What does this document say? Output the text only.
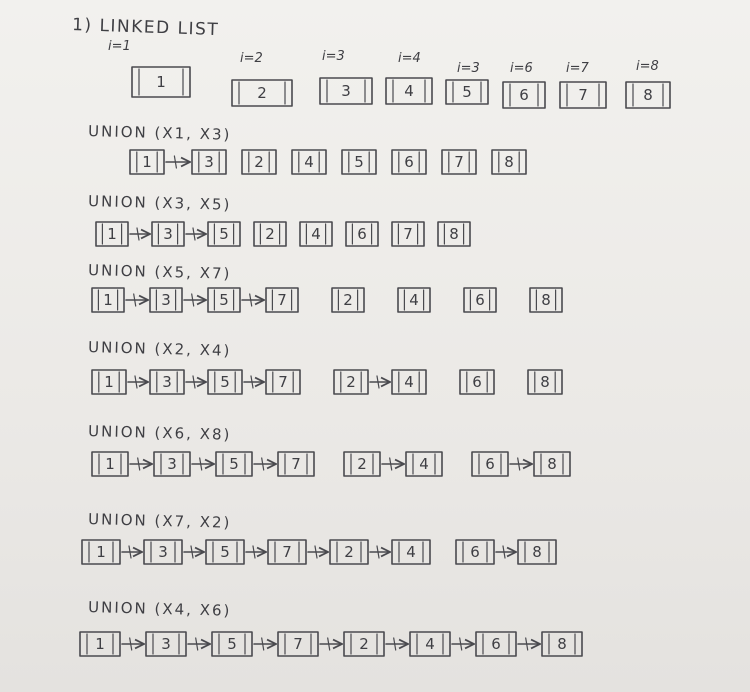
1) LINKED LIST
i=1
i=2	i=3	i=4
i=3 i=6	i=7	i=8
1
2	3	4	5	6	7	8
UNION (X1, X3)
1	3	2	4	5	6	7	8
UNION (X3, X5)
1	3	5 2 4 6 7 8
UNION (X5, X7)
1	3	5	7	2	4	6	8
UNION (X2, X4)
1	3	5	7	2	4	6	8
UNION (X6, X8)
1	3	5	7	2	4	6	8
UNION (X7, X2)
1	3	5	7	2	4	6	8
UNION (X4, X6)
1	3	5	7	2	4	6	8
